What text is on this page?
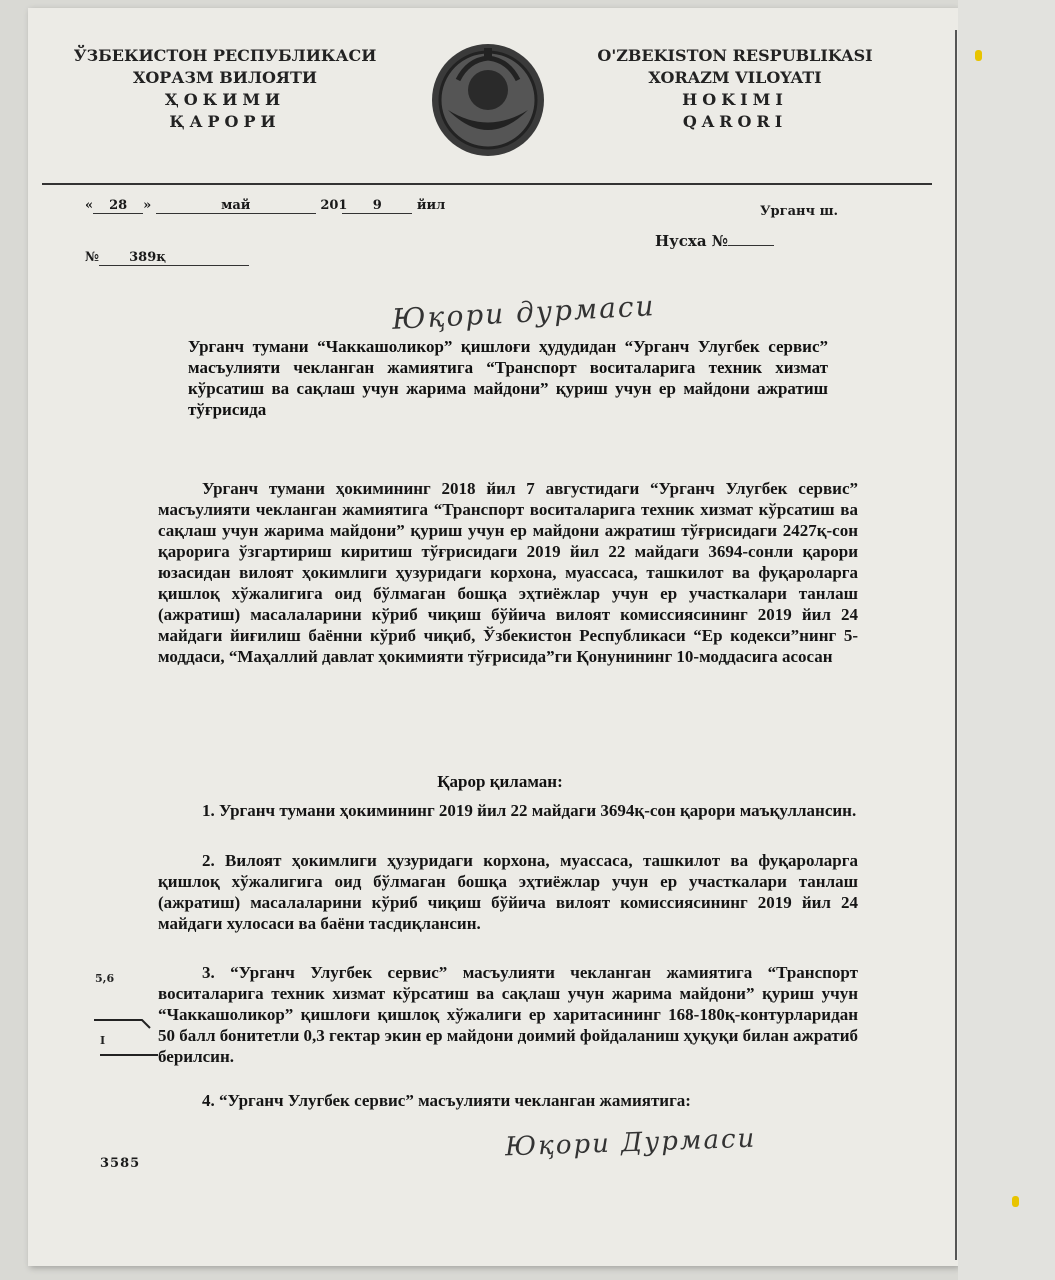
ЎЗБЕКИСТОН РЕСПУБЛИКАСИ
ХОРАЗМ ВИЛОЯТИ
ҲОКИМИ
ҚАРОРИ
O'ZBEKISTON RESPUBLIKASI
XORAZM VILOYATI
HOKIMI
QARORI
« 28 »	май	201 9	йил	Урганч ш.
Нусха №
№ 389қ
Юқори дурмаси
Урганч тумани “Чаккашоликор” қишлоғи ҳудудидан “Урганч Улугбек сервис” масъулияти чекланган жамиятига “Транспорт воситаларига техник хизмат кўрсатиш ва сақлаш учун жарима майдони” қуриш учун ер майдони ажратиш тўғрисида
Урганч тумани ҳокимининг 2018 йил 7 августидаги “Урганч Улугбек сервис” масъулияти чекланган жамиятига “Транспорт воситаларига техник хизмат кўрсатиш ва сақлаш учун жарима майдони” қуриш учун ер майдони ажратиш тўғрисидаги 2427қ-сон қарорига ўзгартириш киритиш тўғрисидаги 2019 йил 22 майдаги 3694-сонли қарори юзасидан вилоят ҳокимлиги ҳузуридаги корхона, муассаса, ташкилот ва фуқароларга қишлоқ хўжалигига оид бўлмаган бошқа эҳтиёжлар учун ер участкалари танлаш (ажратиш) масалаларини кўриб чиқиш бўйича вилоят комиссиясининг 2019 йил 24 майдаги йиғилиш баённи кўриб чиқиб, Ўзбекистон Республикаси “Ер кодекси”нинг 5-моддаси, “Маҳаллий давлат ҳокимияти тўғрисида”ги Қонунининг 10-моддасига асосан
Қарор қиламан:
1. Урганч тумани ҳокимининг 2019 йил 22 майдаги 3694қ-сон қарори маъқуллансин.
2. Вилоят ҳокимлиги ҳузуридаги корхона, муассаса, ташкилот ва фуқароларга қишлоқ хўжалигига оид бўлмаган бошқа эҳтиёжлар учун ер участкалари танлаш (ажратиш) масалаларини кўриб чиқиш бўйича вилоят комиссиясининг 2019 йил 24 майдаги хулосаси ва баёни тасдиқлансин.
3. “Урганч Улугбек сервис” масъулияти чекланган жамиятига “Транспорт воситаларига техник хизмат кўрсатиш ва сақлаш учун жарима майдони” қуриш учун “Чаккашоликор” қишлоғи қишлоқ хўжалиги ер харитасининг 168-180қ-контурларидан 50 балл бонитетли 0,3 гектар экин ер майдони доимий фойдаланиш ҳуқуқи билан ажратиб берилсин.
4. “Урганч Улугбек сервис” масъулияти чекланган жамиятига:
5,6
I
Юқори Дурмаси
3585
